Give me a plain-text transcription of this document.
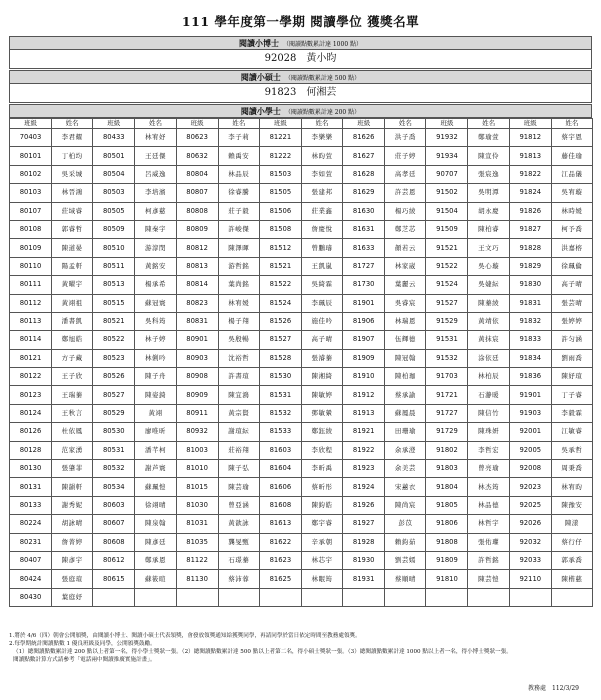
111 學年度第一學期 閱讀學位 獲獎名單
閱讀小博士 （閱讀點數累計達 1000 點）
92028 黃小昀
閱讀小碩士 （閱讀點數累計達 500 點）
91823 何湘芸
閱讀小學士 （閱讀點數累計達 200 點）
班級	姓名	班級	姓名	班級	姓名	班級	姓名	班級	姓名	班級	姓名	班級	姓名
70403	李君耀	80433	林宥妤	80623	李子莉	81221	李樂樂	81626	洪子喬	91932	鄭瑜萱	91812	蔡宇恩
80101	丁柏均	80501	王廷傑	80632	賴禹安	81222	林昀萱	81627	莊子婷	91934	陳宣伶	91813	藤佳瑜
80102	吳采城	80504	呂威逸	80804	林品辰	81503	李如萱	81628	高孝廷	90707	張宸逸	91822	江品儀
80103	林晉鴻	80503	李培濱	80807	徐睿騰	81505	張建邦	81629	許芸恩	91502	吳明潭	91824	吳宥璇
80107	莊域睿	80505	柯彥慈	80808	莊子毅	81506	莊業鑫	81630	楊巧綾	91504	胡永慶	91826	林時媛
80108	郭睿哲	80509	陳秦宇	80809	許峻傑	81508	詹慶悅	81631	鄭芝芯	91509	陳柏睿	91827	柯予喬
80109	陳道晏	80510	游淳閔	80812	陳澤暉	81512	曾鵬璿	81633	顏若云	91521	王文巧	91828	洪嘉榕
80110	陽孟軒	80511	黃銘安	80813	游哲銘	81521	王凱嵐	81727	林家崴	91522	吳心璇	91829	徐珮倫
80111	黃曜宇	80513	楊承希	80814	葉尚銘	81522	吳綺霖	81730	葉麗云	91524	吳婕紜	91830	高子晴
80112	黃翊祖	80515	蘇冠寰	80823	林宥媛	81524	李珮辰	81901	吳睿宸	91527	陳蓁綾	91831	張芸晴
80113	潘書凱	80521	吳科筠	80831	楊子翔	81526	施佳吟	81906	林瑞恩	91529	黃靖依	91832	張婷婷
80114	鄭旭皓	80522	林子婷	80901	吳殷暢	81527	高子晴	81907	伍輝德	91531	黃抹宸	91833	許匀涵
80121	方子藏	80523	林俐吟	80903	沈裕哲	81528	張濬蓁	81909	陳冠翰	91532	涂依廷	91834	劉雨喬
80122	王子欣	80526	陳子舟	80908	許書瑄	81530	陳湘綺	81910	陳柏珈	91703	林柏辰	91836	陳妤瑄
80123	王瑞蓁	80527	陳姿錡	80909	陳宜鴻	81531	陳敏婷	81912	蔡承諭	91721	石瀞暖	91901	丁子睿
80124	王秋言	80529	黃翊	80911	黃宗賢	81532	鄧敏縈	81913	蘇鳳晨	91727	陳信竹	91903	李毅霖
80126	杜依鳳	80530	廖唯昕	80932	謝瑄紜	81533	鄭鈺綾	81921	田珊瑜	91729	陳珠妍	92001	江敏睿
80128	范家湧	80531	潘芊柯	81003	莊裕翔	81603	李欣程	81922	余承澄	91802	李哲宏	92005	吳承哲
80130	張肇菲	80532	謝芦寰	81010	陳子弘	81604	李昕禹	81923	余美芸	91803	曾亮瑜	92008	周秉喬
80131	陳韻軒	80534	蘇珮愷	81015	陳芸瑜	81606	蔡昕彤	81924	宋蕙衣	91804	林杰筠	92023	林宥昀
80133	謝秀妮	80603	徐翊晴	81030	曾亞涵	81608	陳鈞皓	81926	陳尚宸	91805	林品德	92025	陳豫安
80224	胡詠晴	80607	陳泉翰	81031	黃歆詠	81613	鄭宇睿	81927	彭苡	91806	林哲宇	92026	陳漾
80231	詹菁婷	80608	陳彥廷	81035	龔旻甄	81622	辛承朝	81928	賴鈞茹	91808	張佑瓘	92032	蔡行仔
80407	陳彥宇	80612	鄭承恩	81122	石璟蓁	81623	林芯宇	81930	劉芸嫣	91809	許哲銘	92033	郭承喬
80424	張庭瑄	80615	蘇筱暄	81130	蔡沛蓉	81625	林眠筠	81931	蔡順晴	91810	陳芸愷	92110	陳楷慈
80430	葉庭妤												
1.將於 4/6（四）朝會公開頒獎，由閱讀小博士、閱讀小碩士代表領獎，會發放領獎通知給獲獎同學，再請同學於當日依定時間至教務處領獎。
2.每學期統計閱讀點數 1 優良班級及同學，公開頒獎鼓勵。
（1）總閱讀點數累計達 200 點以上者第一名，得小學士獎狀一張。（2）總閱讀點數累計達 500 點以上者第二名，得小碩士獎狀一張。（3）總閱讀點數累計達 1000 點以上者一名，得小博士獎狀一張。
閱讀點數計算方式請參考「電話兩中閱讀推廣實施計畫」。
教務處　112/3/29
